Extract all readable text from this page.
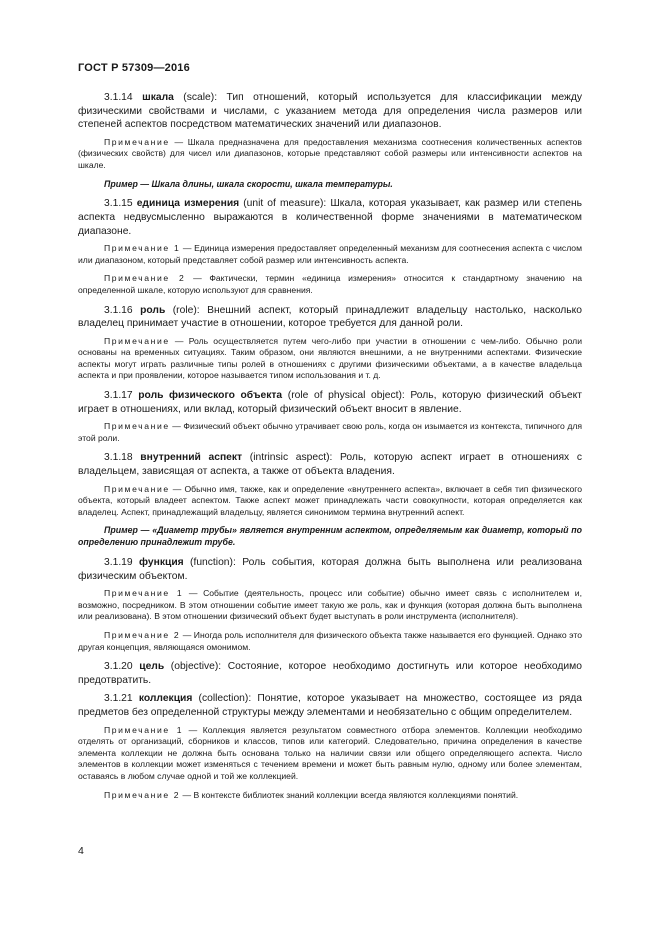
ГОСТ Р 57309—2016

3.1.14 шкала (scale): Тип отношений, который используется для классификации между физическими свойствами и числами, с указанием метода для определения числа размеров или степеней аспектов посредством математических значений или диапазонов.

Примечание — Шкала предназначена для предоставления механизма соотнесения количественных аспектов (физических свойств) для чисел или диапазонов, которые представляют собой размеры или интенсивности аспектов на шкале.

Пример — Шкала длины, шкала скорости, шкала температуры.

3.1.15 единица измерения (unit of measure): Шкала, которая указывает, как размер или степень аспекта недвусмысленно выражаются в количественной форме значениями в математическом диапазоне.

Примечание 1 — Единица измерения предоставляет определенный механизм для соотнесения аспекта с числом или диапазоном, который представляет собой размер или интенсивность аспекта.

Примечание 2 — Фактически, термин «единица измерения» относится к стандартному значению на определенной шкале, которую используют для сравнения.

3.1.16 роль (role): Внешний аспект, который принадлежит владельцу настолько, насколько владелец принимает участие в отношении, которое требуется для данной роли.

Примечание — Роль осуществляется путем чего-либо при участии в отношении с чем-либо. Обычно роли основаны на временных ситуациях. Таким образом, они являются внешними, а не внутренними аспектами. Физические аспекты могут играть различные типы ролей в отношениях с другими физическими объектами, а в качестве владельца аспекта и при проявлении, которое называется типом использования и т. д.

3.1.17 роль физического объекта (role of physical object): Роль, которую физический объект играет в отношениях, или вклад, который физический объект вносит в явление.

Примечание — Физический объект обычно утрачивает свою роль, когда он изымается из контекста, типичного для этой роли.

3.1.18 внутренний аспект (intrinsic aspect): Роль, которую аспект играет в отношениях с владельцем, зависящая от аспекта, а также от объекта владения.

Примечание — Обычно имя, также, как и определение «внутреннего аспекта», включает в себя тип физического объекта, который владеет аспектом. Также аспект может принадлежать части совокупности, которая определяется как владелец. Аспект, принадлежащий владельцу, является синонимом термина внутренний аспект.

Пример — «Диаметр трубы» является внутренним аспектом, определяемым как диаметр, который по определению принадлежит трубе.

3.1.19 функция (function): Роль события, которая должна быть выполнена или реализована физическим объектом.

Примечание 1 — Событие (деятельность, процесс или событие) обычно имеет связь с исполнителем и, возможно, посредником. В этом отношении событие имеет такую же роль, как и функция (которая должна быть выполнена или реализована). В этом отношении физический объект будет выступать в роли инструмента (исполнителя).

Примечание 2 — Иногда роль исполнителя для физического объекта также называется его функцией. Однако это другая концепция, являющаяся омонимом.

3.1.20 цель (objective): Состояние, которое необходимо достигнуть или которое необходимо предотвратить.

3.1.21 коллекция (collection): Понятие, которое указывает на множество, состоящее из ряда предметов без определенной структуры между элементами и необязательно с общим определителем.

Примечание 1 — Коллекция является результатом совместного отбора элементов. Коллекции необходимо отделять от организаций, сборников и классов, типов или категорий. Следовательно, причина определения в качестве элемента коллекции не должна быть основана только на наличии связи или общего определяющего аспекта. Число элементов в коллекции может изменяться с течением времени и может быть равным нулю, одному или более элементам, оставаясь в любом случае одной и той же коллекцией.

Примечание 2 — В контексте библиотек знаний коллекции всегда являются коллекциями понятий.

4
